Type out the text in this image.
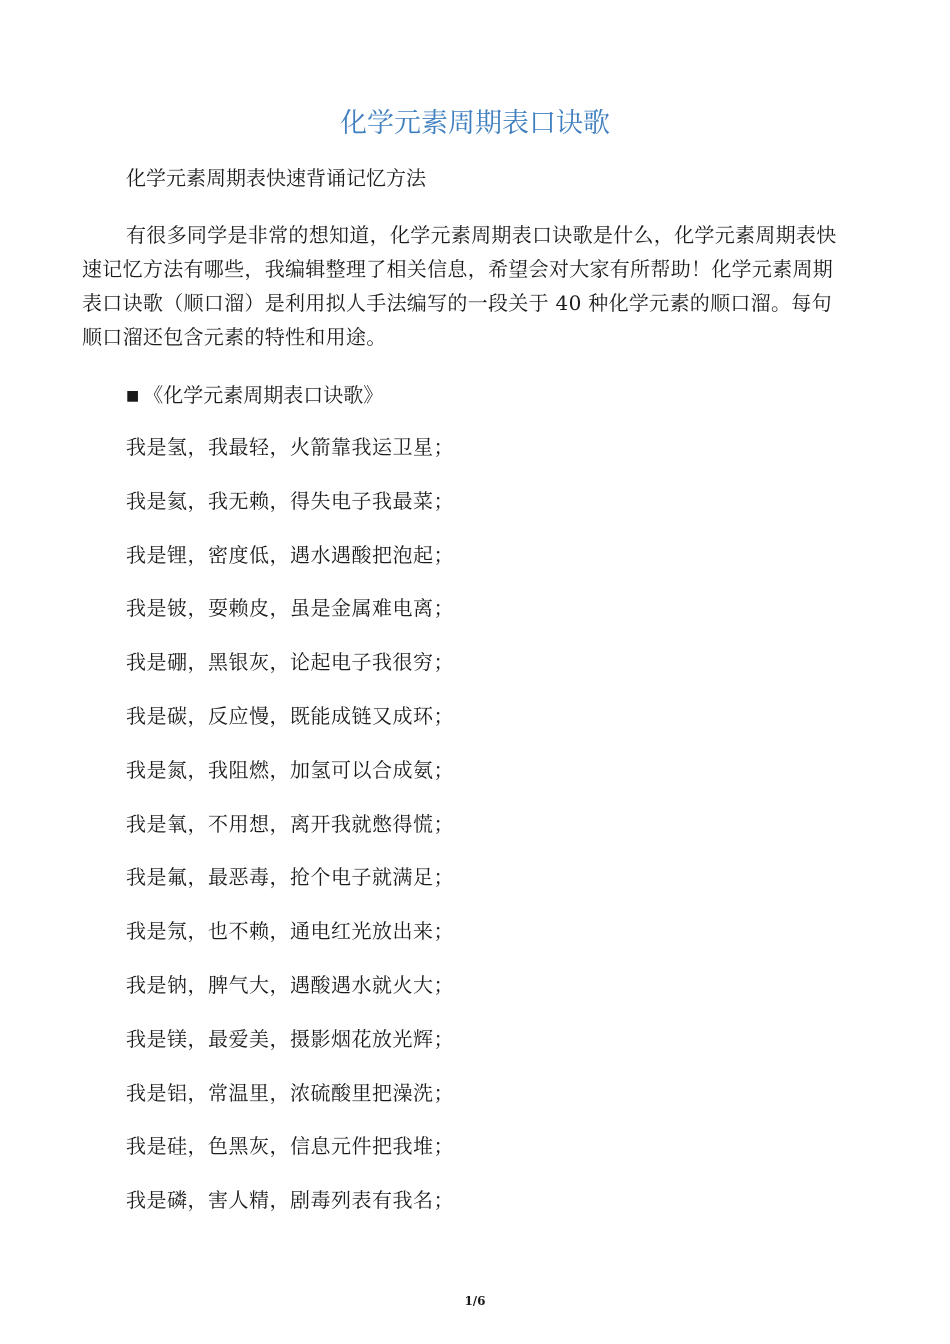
化学元素周期表口诀歌
化学元素周期表快速背诵记忆方法
有很多同学是非常的想知道，化学元素周期表口诀歌是什么，化学元素周期表快速记忆方法有哪些，我编辑整理了相关信息，希望会对大家有所帮助！化学元素周期表口诀歌（顺口溜）是利用拟人手法编写的一段关于 40 种化学元素的顺口溜。每句顺口溜还包含元素的特性和用途。
■ 《化学元素周期表口诀歌》
我是氢，我最轻，火箭靠我运卫星；
我是氦，我无赖，得失电子我最菜；
我是锂，密度低，遇水遇酸把泡起；
我是铍，耍赖皮，虽是金属难电离；
我是硼，黑银灰，论起电子我很穷；
我是碳，反应慢，既能成链又成环；
我是氮，我阻燃，加氢可以合成氨；
我是氧，不用想，离开我就憋得慌；
我是氟，最恶毒，抢个电子就满足；
我是氖，也不赖，通电红光放出来；
我是钠，脾气大，遇酸遇水就火大；
我是镁，最爱美，摄影烟花放光辉；
我是铝，常温里，浓硫酸里把澡洗；
我是硅，色黑灰，信息元件把我堆；
我是磷，害人精，剧毒列表有我名；
1/6
